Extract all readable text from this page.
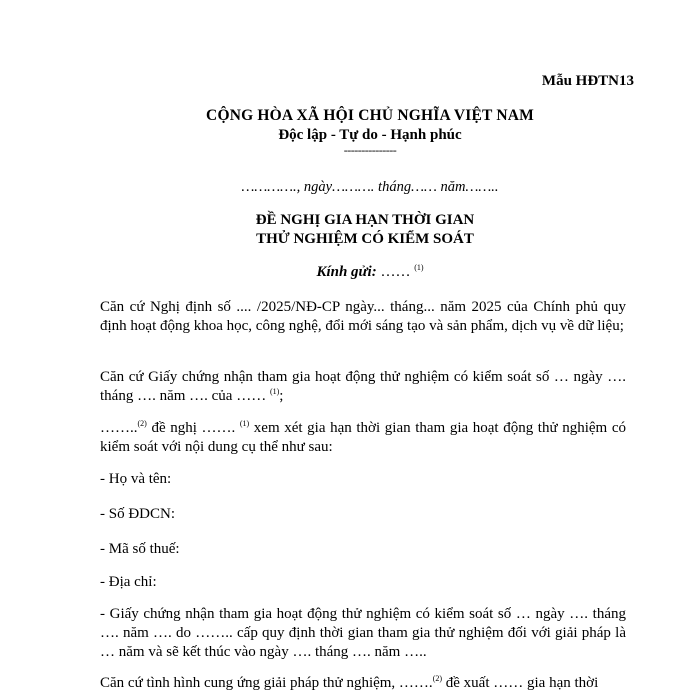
Mẫu HĐTN13
CỘNG HÒA XÃ HỘI CHỦ NGHĨA VIỆT NAM
Độc lập - Tự do - Hạnh phúc
---------------
…………., ngày………. tháng…… năm……..
ĐỀ NGHỊ GIA HẠN THỜI GIAN
THỬ NGHIỆM CÓ KIỂM SOÁT
Kính gửi: …… $^{(1)}$
Căn cứ Nghị định số .... /2025/NĐ-CP ngày... tháng... năm 2025 của Chính phủ quy định hoạt động khoa học, công nghệ, đổi mới sáng tạo và sản phẩm, dịch vụ về dữ liệu;
Căn cứ Giấy chứng nhận tham gia hoạt động thử nghiệm có kiểm soát số … ngày …. tháng …. năm …. của …… $^{(1)}$;
……..$^{(2)}$ đề nghị ……. $^{(1)}$ xem xét gia hạn thời gian tham gia hoạt động thử nghiệm có kiểm soát với nội dung cụ thể như sau:
- Họ và tên:
- Số ĐDCN:
- Mã số thuế:
- Địa chỉ:
- Giấy chứng nhận tham gia hoạt động thử nghiệm có kiểm soát số … ngày …. tháng …. năm …. do …….. cấp quy định thời gian tham gia thử nghiệm đối với giải pháp là … năm và sẽ kết thúc vào ngày …. tháng …. năm …..
Căn cứ tình hình cung ứng giải pháp thử nghiệm, …….$^{(2)}$ đề xuất …… gia hạn thời
